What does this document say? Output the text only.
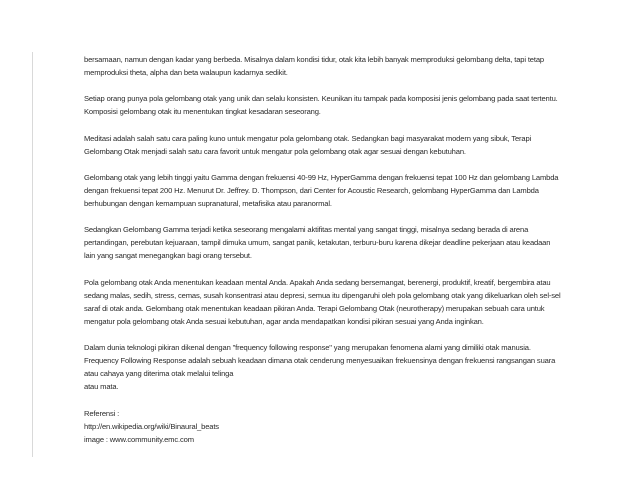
bersamaan, namun dengan kadar yang berbeda. Misalnya dalam kondisi tidur, otak kita lebih banyak memproduksi gelombang delta, tapi tetap
memproduksi theta, alpha dan beta walaupun kadarnya sedikit.

Setiap orang punya pola gelombang otak yang unik dan selalu konsisten. Keunikan itu tampak pada komposisi jenis gelombang pada saat tertentu.
Komposisi gelombang otak itu menentukan tingkat kesadaran seseorang.

Meditasi adalah salah satu cara paling kuno untuk mengatur pola gelombang otak. Sedangkan bagi masyarakat modern yang sibuk, Terapi
Gelombang Otak menjadi salah satu cara favorit untuk mengatur pola gelombang otak agar sesuai dengan kebutuhan.

Gelombang otak yang lebih tinggi yaitu Gamma dengan frekuensi 40-99 Hz, HyperGamma dengan frekuensi tepat 100 Hz dan gelombang Lambda
dengan frekuensi tepat 200 Hz. Menurut Dr. Jeffrey. D. Thompson, dari Center for Acoustic Research, gelombang HyperGamma dan Lambda
berhubungan dengan kemampuan supranatural, metafisika atau paranormal.

Sedangkan Gelombang Gamma terjadi ketika seseorang mengalami aktifitas mental yang sangat tinggi, misalnya sedang berada di arena
pertandingan, perebutan kejuaraan, tampil dimuka umum, sangat panik, ketakutan, terburu-buru karena dikejar deadline pekerjaan atau keadaan
lain yang sangat menegangkan bagi orang tersebut.

Pola gelombang otak Anda menentukan keadaan mental Anda. Apakah Anda sedang bersemangat, berenergi, produktif, kreatif, bergembira atau
sedang malas, sedih, stress, cemas, susah konsentrasi atau depresi, semua itu dipengaruhi oleh pola gelombang otak yang dikeluarkan oleh sel-sel
saraf di otak anda. Gelombang otak menentukan keadaan pikiran Anda. Terapi Gelombang Otak (neurotherapy) merupakan sebuah cara untuk
mengatur pola gelombang otak Anda sesuai kebutuhan, agar anda mendapatkan kondisi pikiran sesuai yang Anda inginkan.

Dalam dunia teknologi pikiran dikenal dengan "frequency following response" yang merupakan fenomena alami yang dimiliki otak manusia.
Frequency Following Response adalah sebuah keadaan dimana otak cenderung menyesuaikan frekuensinya dengan frekuensi rangsangan suara
atau cahaya yang diterima otak melalui telinga
atau mata.

Referensi :
http://en.wikipedia.org/wiki/Binaural_beats
image : www.community.emc.com
